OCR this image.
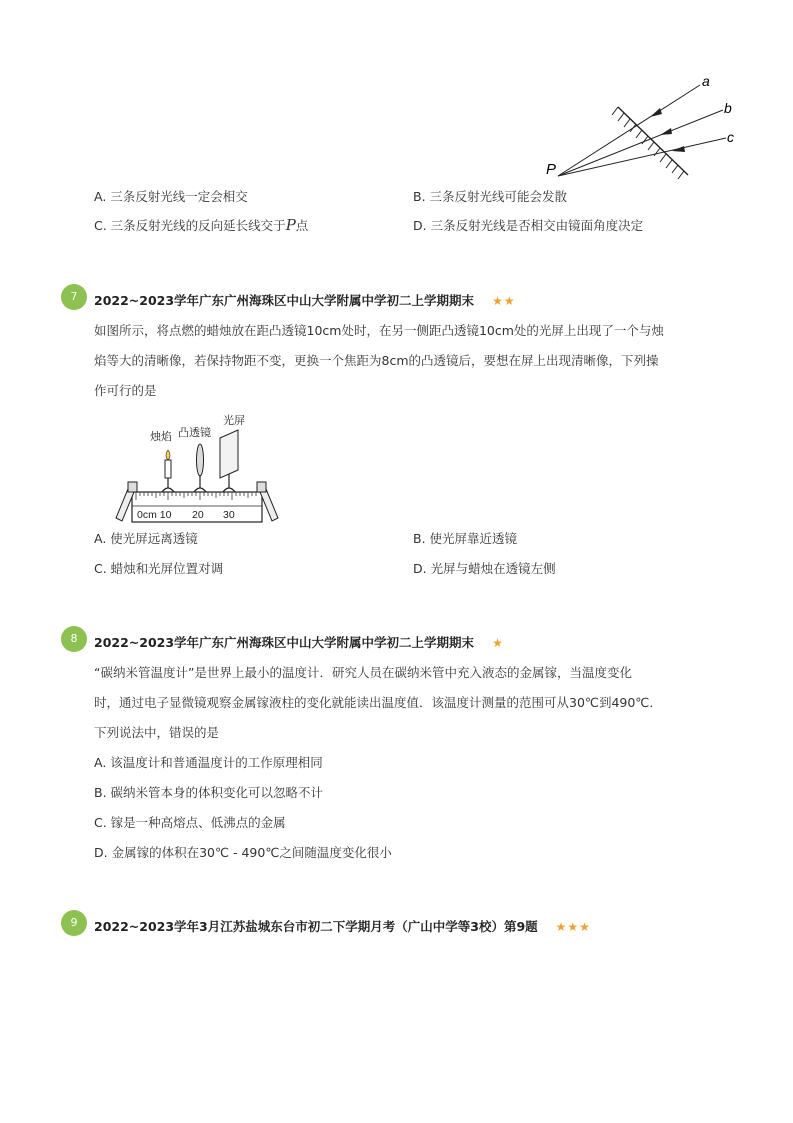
a
b
c
P
A. 三条反射光线一定会相交	B. 三条反射光线可能会发散
C. 三条反射光线的反向延长线交于P点	D. 三条反射光线是否相交由镜面角度决定
7	2022~2023学年广东广州海珠区中山大学附属中学初二上学期期末 ★★
如图所示，将点燃的蜡烛放在距凸透镜10cm处时，在另一侧距凸透镜10cm处的光屏上出现了一个与烛
焰等大的清晰像，若保持物距不变，更换一个焦距为8cm的凸透镜后，要想在屏上出现清晰像，下列操
作可行的是
烛焰 凸透镜
光屏
0cm 10 20 30
A. 使光屏远离透镜	B. 使光屏靠近透镜
C. 蜡烛和光屏位置对调	D. 光屏与蜡烛在透镜左侧
8	2022~2023学年广东广州海珠区中山大学附属中学初二上学期期末 ★
“碳纳米管温度计”是世界上最小的温度计．研究人员在碳纳米管中充入液态的金属镓，当温度变化
时，通过电子显微镜观察金属镓液柱的变化就能读出温度值．该温度计测量的范围可从30℃到490℃．
下列说法中，错误的是
A. 该温度计和普通温度计的工作原理相同
B. 碳纳米管本身的体积变化可以忽略不计
C. 镓是一种高熔点、低沸点的金属
D. 金属镓的体积在30℃ - 490℃之间随温度变化很小
9	2022~2023学年3月江苏盐城东台市初二下学期月考（广山中学等3校）第9题 ★★★
